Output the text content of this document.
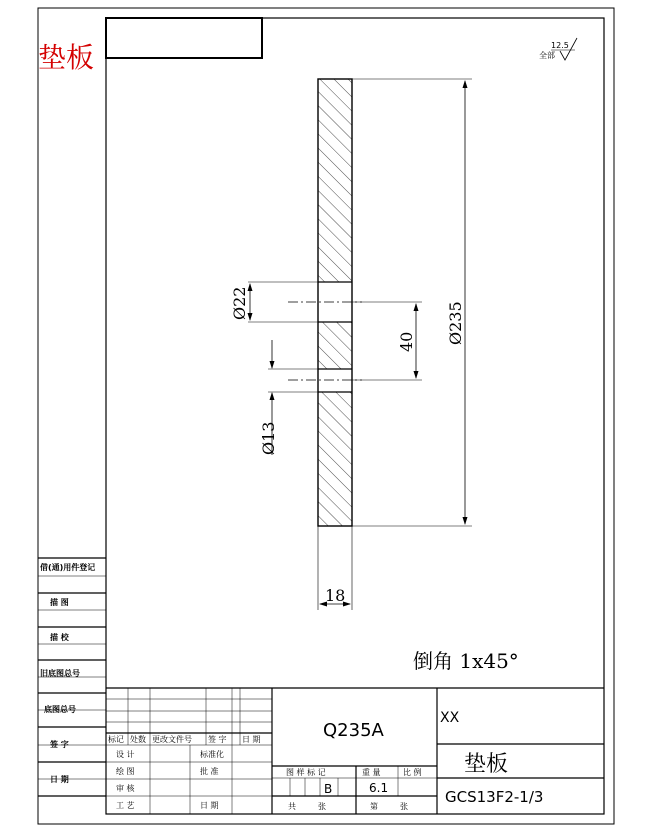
垫板	12.5
全部
Ø22
Ø13
40 Ø235
18
倒角 1x45°
借(通)用件登记
描 图
描 校
旧底图总号
底图总号
签 字
日 期
标记 处数 更改文件号 签 字 日 期
设 计	标准化
绘 图	批 准
审 核
工 艺	日 期
Q235A
图 样 标 记	重 量	比 例
B	6.1
共	张	第	张
XX
垫板
GCS13F2-1/3
